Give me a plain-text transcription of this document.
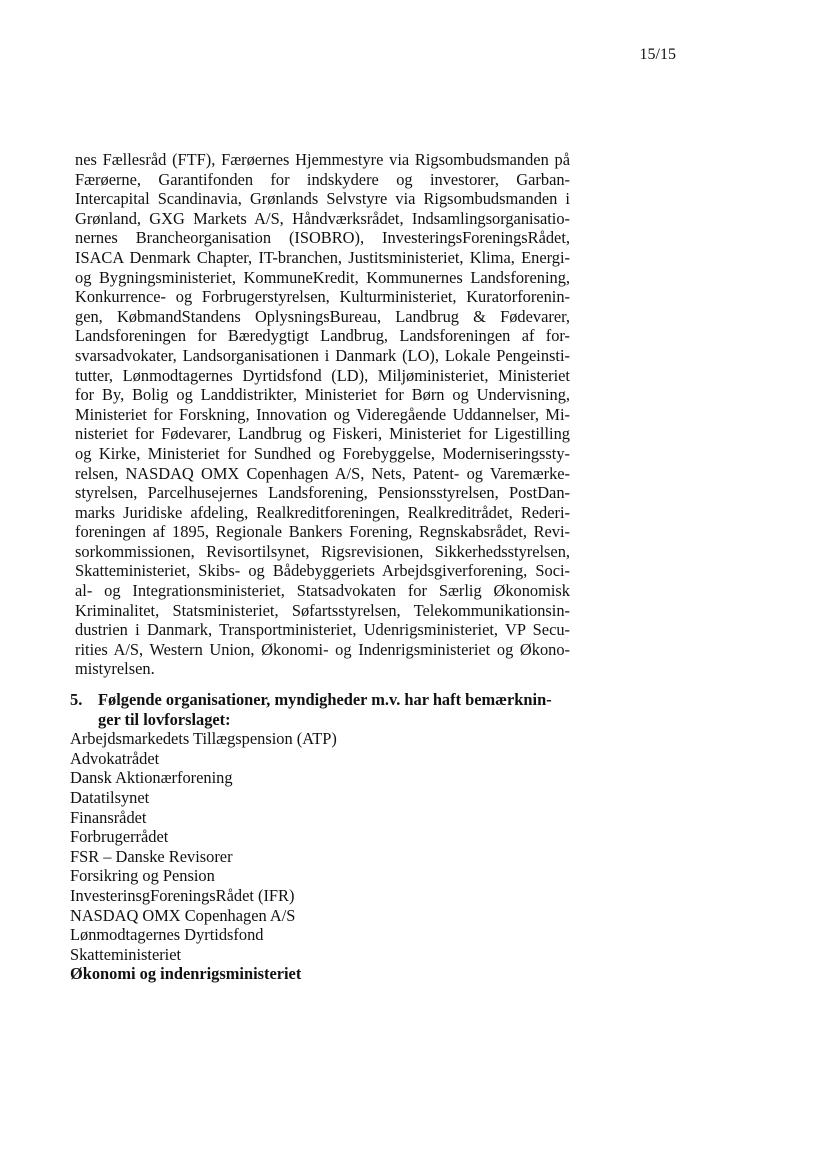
15/15
nes Fællesråd (FTF), Færøernes Hjemmestyre via Rigsombudsmanden på
Færøerne, Garantifonden for indskydere og investorer, Garban-
Intercapital Scandinavia, Grønlands Selvstyre via Rigsombudsmanden i
Grønland, GXG Markets A/S, Håndværksrådet, Indsamlingsorganisatio-
nernes Brancheorganisation (ISOBRO), InvesteringsForeningsRådet,
ISACA Denmark Chapter, IT-branchen, Justitsministeriet, Klima, Energi-
og Bygningsministeriet, KommuneKredit, Kommunernes Landsforening,
Konkurrence- og Forbrugerstyrelsen, Kulturministeriet, Kuratorforenin-
gen, KøbmandStandens OplysningsBureau, Landbrug & Fødevarer,
Landsforeningen for Bæredygtigt Landbrug, Landsforeningen af for-
svarsadvokater, Landsorganisationen i Danmark (LO), Lokale Pengeinsti-
tutter, Lønmodtagernes Dyrtidsfond (LD), Miljøministeriet, Ministeriet
for By, Bolig og Landdistrikter, Ministeriet for Børn og Undervisning,
Ministeriet for Forskning, Innovation og Videregående Uddannelser, Mi-
nisteriet for Fødevarer, Landbrug og Fiskeri, Ministeriet for Ligestilling
og Kirke, Ministeriet for Sundhed og Forebyggelse, Moderniseringssty-
relsen, NASDAQ OMX Copenhagen A/S, Nets, Patent- og Varemærke-
styrelsen, Parcelhusejernes Landsforening, Pensionsstyrelsen, PostDan-
marks Juridiske afdeling, Realkreditforeningen, Realkreditrådet, Rederi-
foreningen af 1895, Regionale Bankers Forening, Regnskabsrådet, Revi-
sorkommissionen, Revisortilsynet, Rigsrevisionen, Sikkerhedsstyrelsen,
Skatteministeriet, Skibs- og Bådebyggeriets Arbejdsgiverforening, Soci-
al- og Integrationsministeriet, Statsadvokaten for Særlig Økonomisk
Kriminalitet, Statsministeriet, Søfartsstyrelsen, Telekommunikationsin-
dustrien i Danmark, Transportministeriet, Udenrigsministeriet, VP Secu-
rities A/S, Western Union, Økonomi- og Indenrigsministeriet og Økono-
mistyrelsen.
5. Følgende organisationer, myndigheder m.v. har haft bemærknin-
ger til lovforslaget:
Arbejdsmarkedets Tillægspension (ATP)
Advokatrådet
Dansk Aktionærforening
Datatilsynet
Finansrådet
Forbrugerrådet
FSR – Danske Revisorer
Forsikring og Pension
InvesterinsgForeningsRådet (IFR)
NASDAQ OMX Copenhagen A/S
Lønmodtagernes Dyrtidsfond
Skatteministeriet
Økonomi og indenrigsministeriet
